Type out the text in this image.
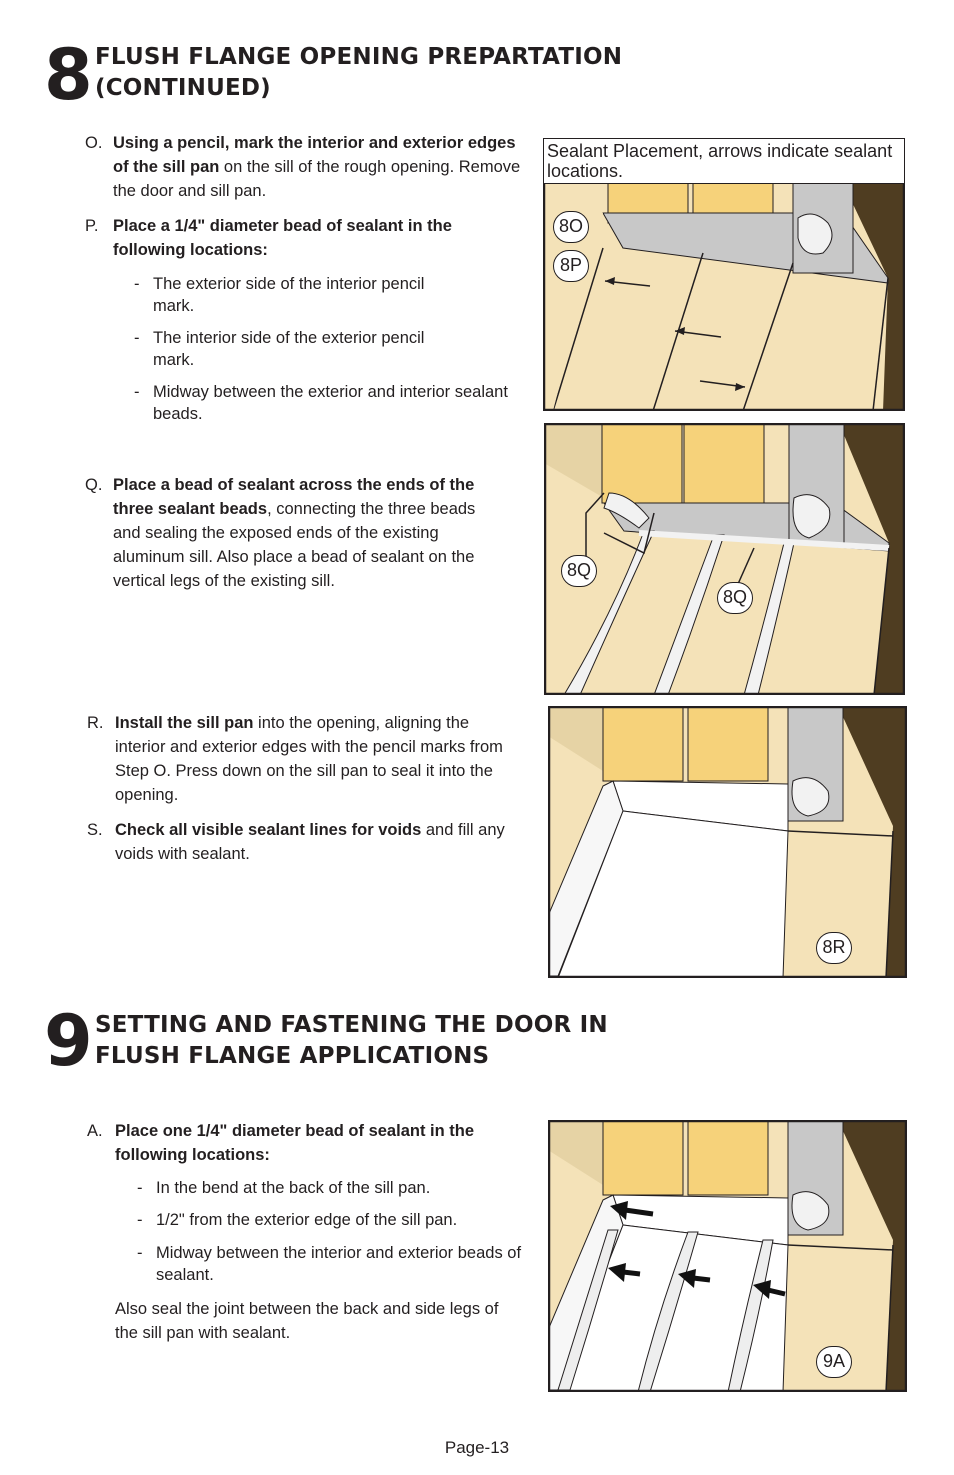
8 FLUSH FLANGE OPENING PREPARTATION
(CONTINUED)
O. Using a pencil, mark the interior and exterior edges of the sill pan on the sill of the rough opening. Remove the door and sill pan.
P. Place a 1/4" diameter bead of sealant in the following locations:
- The exterior side of the interior pencil mark.
- The interior side of the exterior pencil mark.
- Midway between the exterior and interior sealant beads.
Q. Place a bead of sealant across the ends of the three sealant beads, connecting the three beads and sealing the exposed ends of the existing aluminum sill. Also place a bead of sealant on the vertical legs of the existing sill.
R. Install the sill pan into the opening, aligning the interior and exterior edges with the pencil marks from Step O. Press down on the sill pan to seal it into the opening.
S. Check all visible sealant lines for voids and fill any voids with sealant.
Sealant Placement, arrows indicate sealant locations.
8O
8P
8Q
8Q
8R
9 SETTING AND FASTENING THE DOOR IN
FLUSH FLANGE APPLICATIONS
A. Place one 1/4" diameter bead of sealant in the following locations:
- In the bend at the back of the sill pan.
- 1/2" from the exterior edge of the sill pan.
- Midway between the interior and exterior beads of sealant.
Also seal the joint between the back and side legs of the sill pan with sealant.
9A
Page-13
